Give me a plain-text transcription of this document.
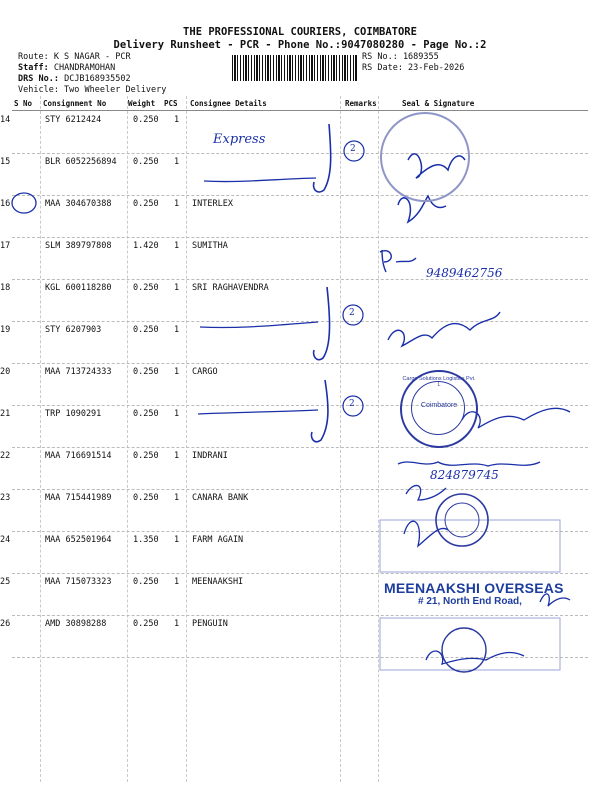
THE PROFESSIONAL COURIERS, COIMBATORE
Delivery Runsheet - PCR - Phone No.:9047080280 - Page No.:2
Route: K S NAGAR - PCR
Staff: CHANDRAMOHAN
DRS No.: DCJB168935502
Vehicle: Two Wheeler Delivery
RS No.: 1689355
RS Date: 23-Feb-2026
S No Consignment No	Weight PCS Consignee Details	Remarks	Seal & Signature
14	STY 6212424	0.250 1
15	BLR 6052256894 0.250 1
16	MAA 304670388	0.250 1 INTERLEX
17	SLM 389797808	1.420 1 SUMITHA
18	KGL 600118280	0.250 1 SRI RAGHAVENDRA
19	STY 6207903	0.250 1
20	MAA 713724333	0.250 1 CARGO
21	TRP 1090291	0.250 1
22	MAA 716691514	0.250 1 INDRANI
23	MAA 715441989	0.250 1 CANARA BANK
24	MAA 652501964	1.350 1 FARM AGAIN
25	MAA 715073323	0.250 1 MEENAAKSHI
26	AMD 30898288	0.250 1 PENGUIN
Express
2
2
2
9489462756
824879745
Coimbatore
Cargo Solutions Logistics Pvt. L
MEENAAKSHI OVERSEAS
# 21, North End Road,
